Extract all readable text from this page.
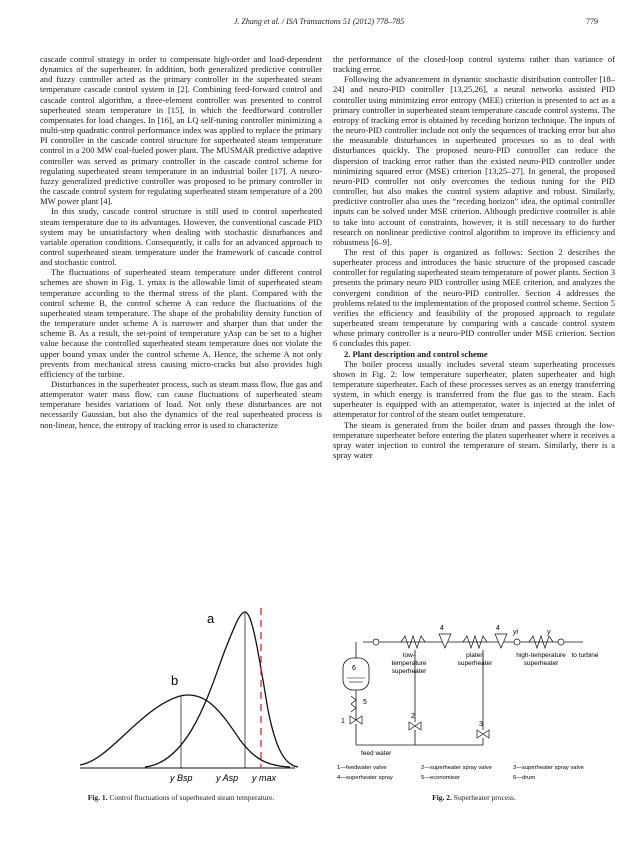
J. Zhang et al. / ISA Transactions 51 (2012) 778–785	779

cascade control strategy in order to compensate high-order and load-dependent dynamics of the superheater. In addition, both generalized predictive controller and fuzzy controller acted as the primary controller in the superheated steam temperature cascade control system in [2]. Combining feed-forward control and cascade control algorithm, a three-element controller was presented to control superheated steam temperature in [15], in which the feedforward controller compensates for load changes. In [16], an LQ self-tuning controller minimizing a multi-step quadratic control performance index was applied to replace the primary PI controller in the cascade control structure for superheated steam temperature control in a 200 MW coal-fueled power plant. The MUSMAR predictive adaptive controller was served as primary controller in the cascade control scheme for regulating superheated steam temperature in an industrial boiler [17]. A neuro-fuzzy generalized predictive controller was proposed to be primary controller in the cascade control system for regulating superheated steam temperature of a 200 MW power plant [4].

In this study, cascade control structure is still used to control superheated steam temperature due to its advantages. However, the conventional cascade PID system may be unsatisfactory when dealing with stochastic disturbances and variable operation conditions. Consequently, it calls for an advanced approach to control superheated steam temperature under the framework of cascade control and stochastic control.

The fluctuations of superheated steam temperature under different control schemes are shown in Fig. 1. ymax is the allowable limit of superheated steam temperature according to the thermal stress of the plant. Compared with the control scheme B, the control scheme A can reduce the fluctuations of the superheated steam temperature. The shape of the probability density function of the temperature under scheme A is narrower and sharper than that under the scheme B. As a result, the set-point of temperature yAsp can be set to a higher value because the controlled superheated steam temperature does not violate the upper bound ymax under the control scheme A. Hence, the scheme A not only prevents from mechanical stress causing micro-cracks but also provides high efficiency of the turbine.

Disturbances in the superheater process, such as steam mass flow, flue gas and attemperator water mass flow, can cause fluctuations of superheated steam temperature besides variations of load. Not only these disturbances are not necessarily Gaussian, but also the dynamics of the real superheated process is non-linear, hence, the entropy of tracking error is used to characterize

the performance of the closed-loop control systems rather than variance of tracking error.

Following the advancement in dynamic stochastic distribution controller [18–24] and neuro-PID controller [13,25,26], a neural networks assisted PID controller using minimizing error entropy (MEE) criterion is presented to act as a primary controller in superheated steam temperature cascade control systems. The entropy of tracking error is obtained by receding horizon technique. The inputs of the neuro-PID controller include not only the sequences of tracking error but also the measurable disturbances in superheated processes so as to deal with disturbances quickly. The proposed neuro-PID controller can reduce the dispersion of tracking error rather than the existed neuro-PID controller under minimizing squared error (MSE) criterion [13,25–27]. In general, the proposed neuro-PID controller not only overcomes the tedious tuning for the PID controller, but also makes the control system adaptive and robust. Similarly, predictive controller also uses the “receding horizon” idea, the optimal controller inputs can be solved under MSE criterion. Although predictive controller is able to take into account of constraints, however, it is still necessary to do further research on nonlinear predictive control algorithm to improve its efficiency and robustness [6–9].

The rest of this paper is organized as follows: Section 2 describes the superheater process and introduces the basic structure of the proposed cascade controller for regulating superheated steam temperature of power plants. Section 3 presents the primary neuro PID controller using MEE criterion, and analyzes the convergent condition of the neuro-PID controller. Section 4 addresses the problems related to the implementation of the proposed control scheme. Section 5 verifies the efficiency and feasibility of the proposed approach to regulate superheated steam temperature by comparing with a cascade control system whose primary controller is a neuro-PID controller under MSE criterion. Section 6 concludes this paper.

2. Plant description and control scheme

The boiler process usually includes several steam superheating processes shown in Fig. 2: low temperature superheater, platen superheater and high temperature superheater. Each of these processes serves as an energy transferring system, in which energy is transferred from the flue gas to the steam. Each superheater is equipped with an attemperator, water is injected at the inlet of attemperator for control of the steam outlet temperature.

The steam is generated from the boiler drum and passes through the low-temperature superheater before entering the platen superheater where it receives a spray water injection to control the temperature of steam. Similarly, there is a spray water

a
b
y Bsp	y Asp y max
4	4
yi	y
6
5
1
2
3
low-
temperature
superheater
platen
superheater
high-temperature
superheater
to turbine
feed water
1—feedwater valve	2—superheater spray valve	3—superheater spray valve
4—superheater spray	5—economiser	6—drum
Fig. 1. Control fluctuations of superheated steam temperature.	Fig. 2. Superheater process.
